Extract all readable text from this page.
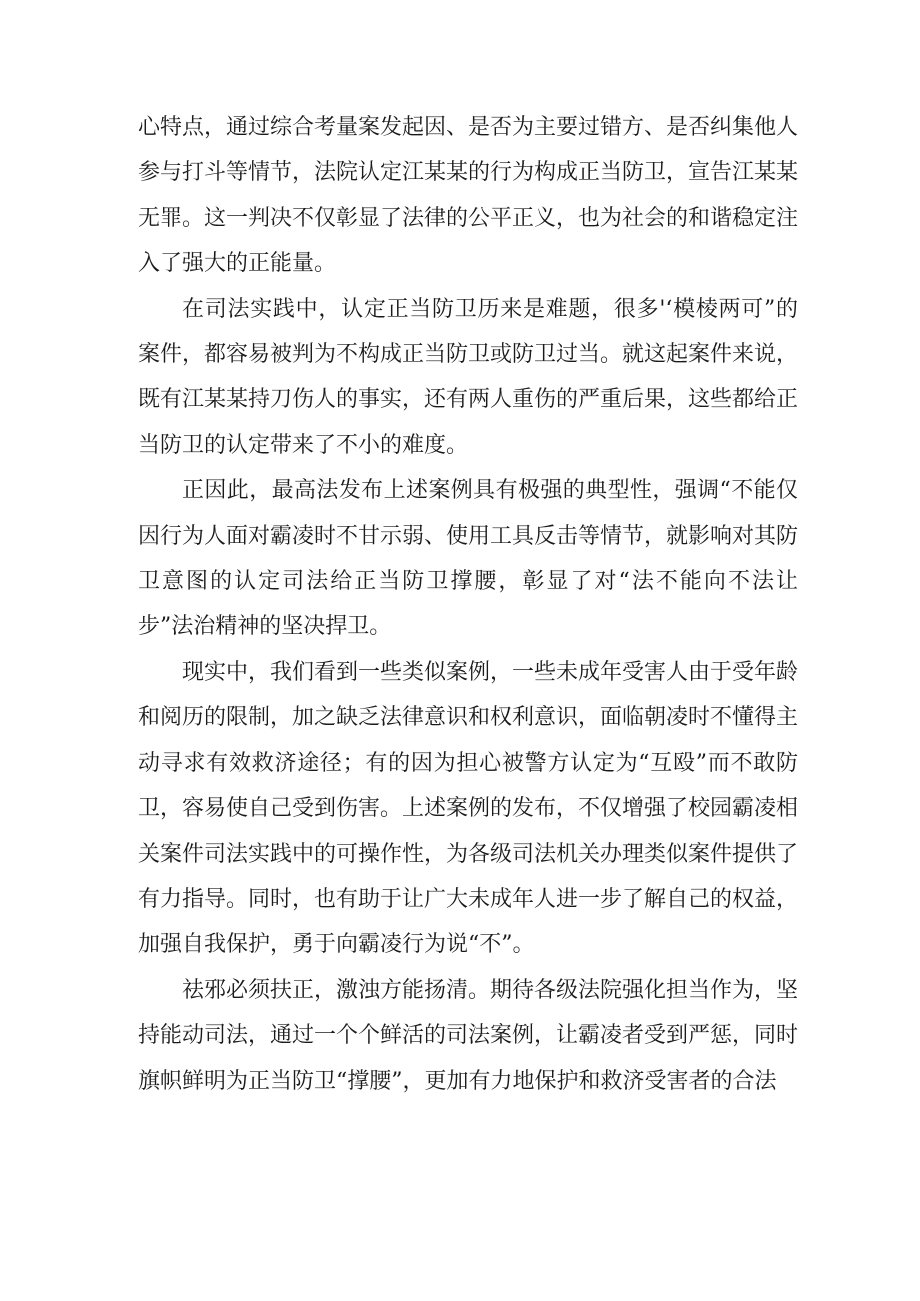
心特点，通过综合考量案发起因、是否为主要过错方、是否纠集他人参与打斗等情节，法院认定江某某的行为构成正当防卫，宣告江某某无罪。这一判决不仅彰显了法律的公平正义，也为社会的和谐稳定注入了强大的正能量。

在司法实践中，认定正当防卫历来是难题，很多'‘模棱两可”的案件，都容易被判为不构成正当防卫或防卫过当。就这起案件来说，既有江某某持刀伤人的事实，还有两人重伤的严重后果，这些都给正当防卫的认定带来了不小的难度。

正因此，最高法发布上述案例具有极强的典型性，强调“不能仅因行为人面对霸凌时不甘示弱、使用工具反击等情节，就影响对其防卫意图的认定司法给正当防卫撑腰，彰显了对“法不能向不法让步”法治精神的坚决捍卫。

现实中，我们看到一些类似案例，一些未成年受害人由于受年龄和阅历的限制，加之缺乏法律意识和权利意识，面临朝凌时不懂得主动寻求有效救济途径；有的因为担心被警方认定为“互殴”而不敢防卫，容易使自己受到伤害。上述案例的发布，不仅增强了校园霸凌相关案件司法实践中的可操作性，为各级司法机关办理类似案件提供了有力指导。同时，也有助于让广大未成年人进一步了解自己的权益，加强自我保护，勇于向霸凌行为说“不”。

祛邪必须扶正，激浊方能扬清。期待各级法院强化担当作为，坚持能动司法，通过一个个鲜活的司法案例，让霸凌者受到严惩，同时旗帜鲜明为正当防卫“撑腰”，更加有力地保护和救济受害者的合法
